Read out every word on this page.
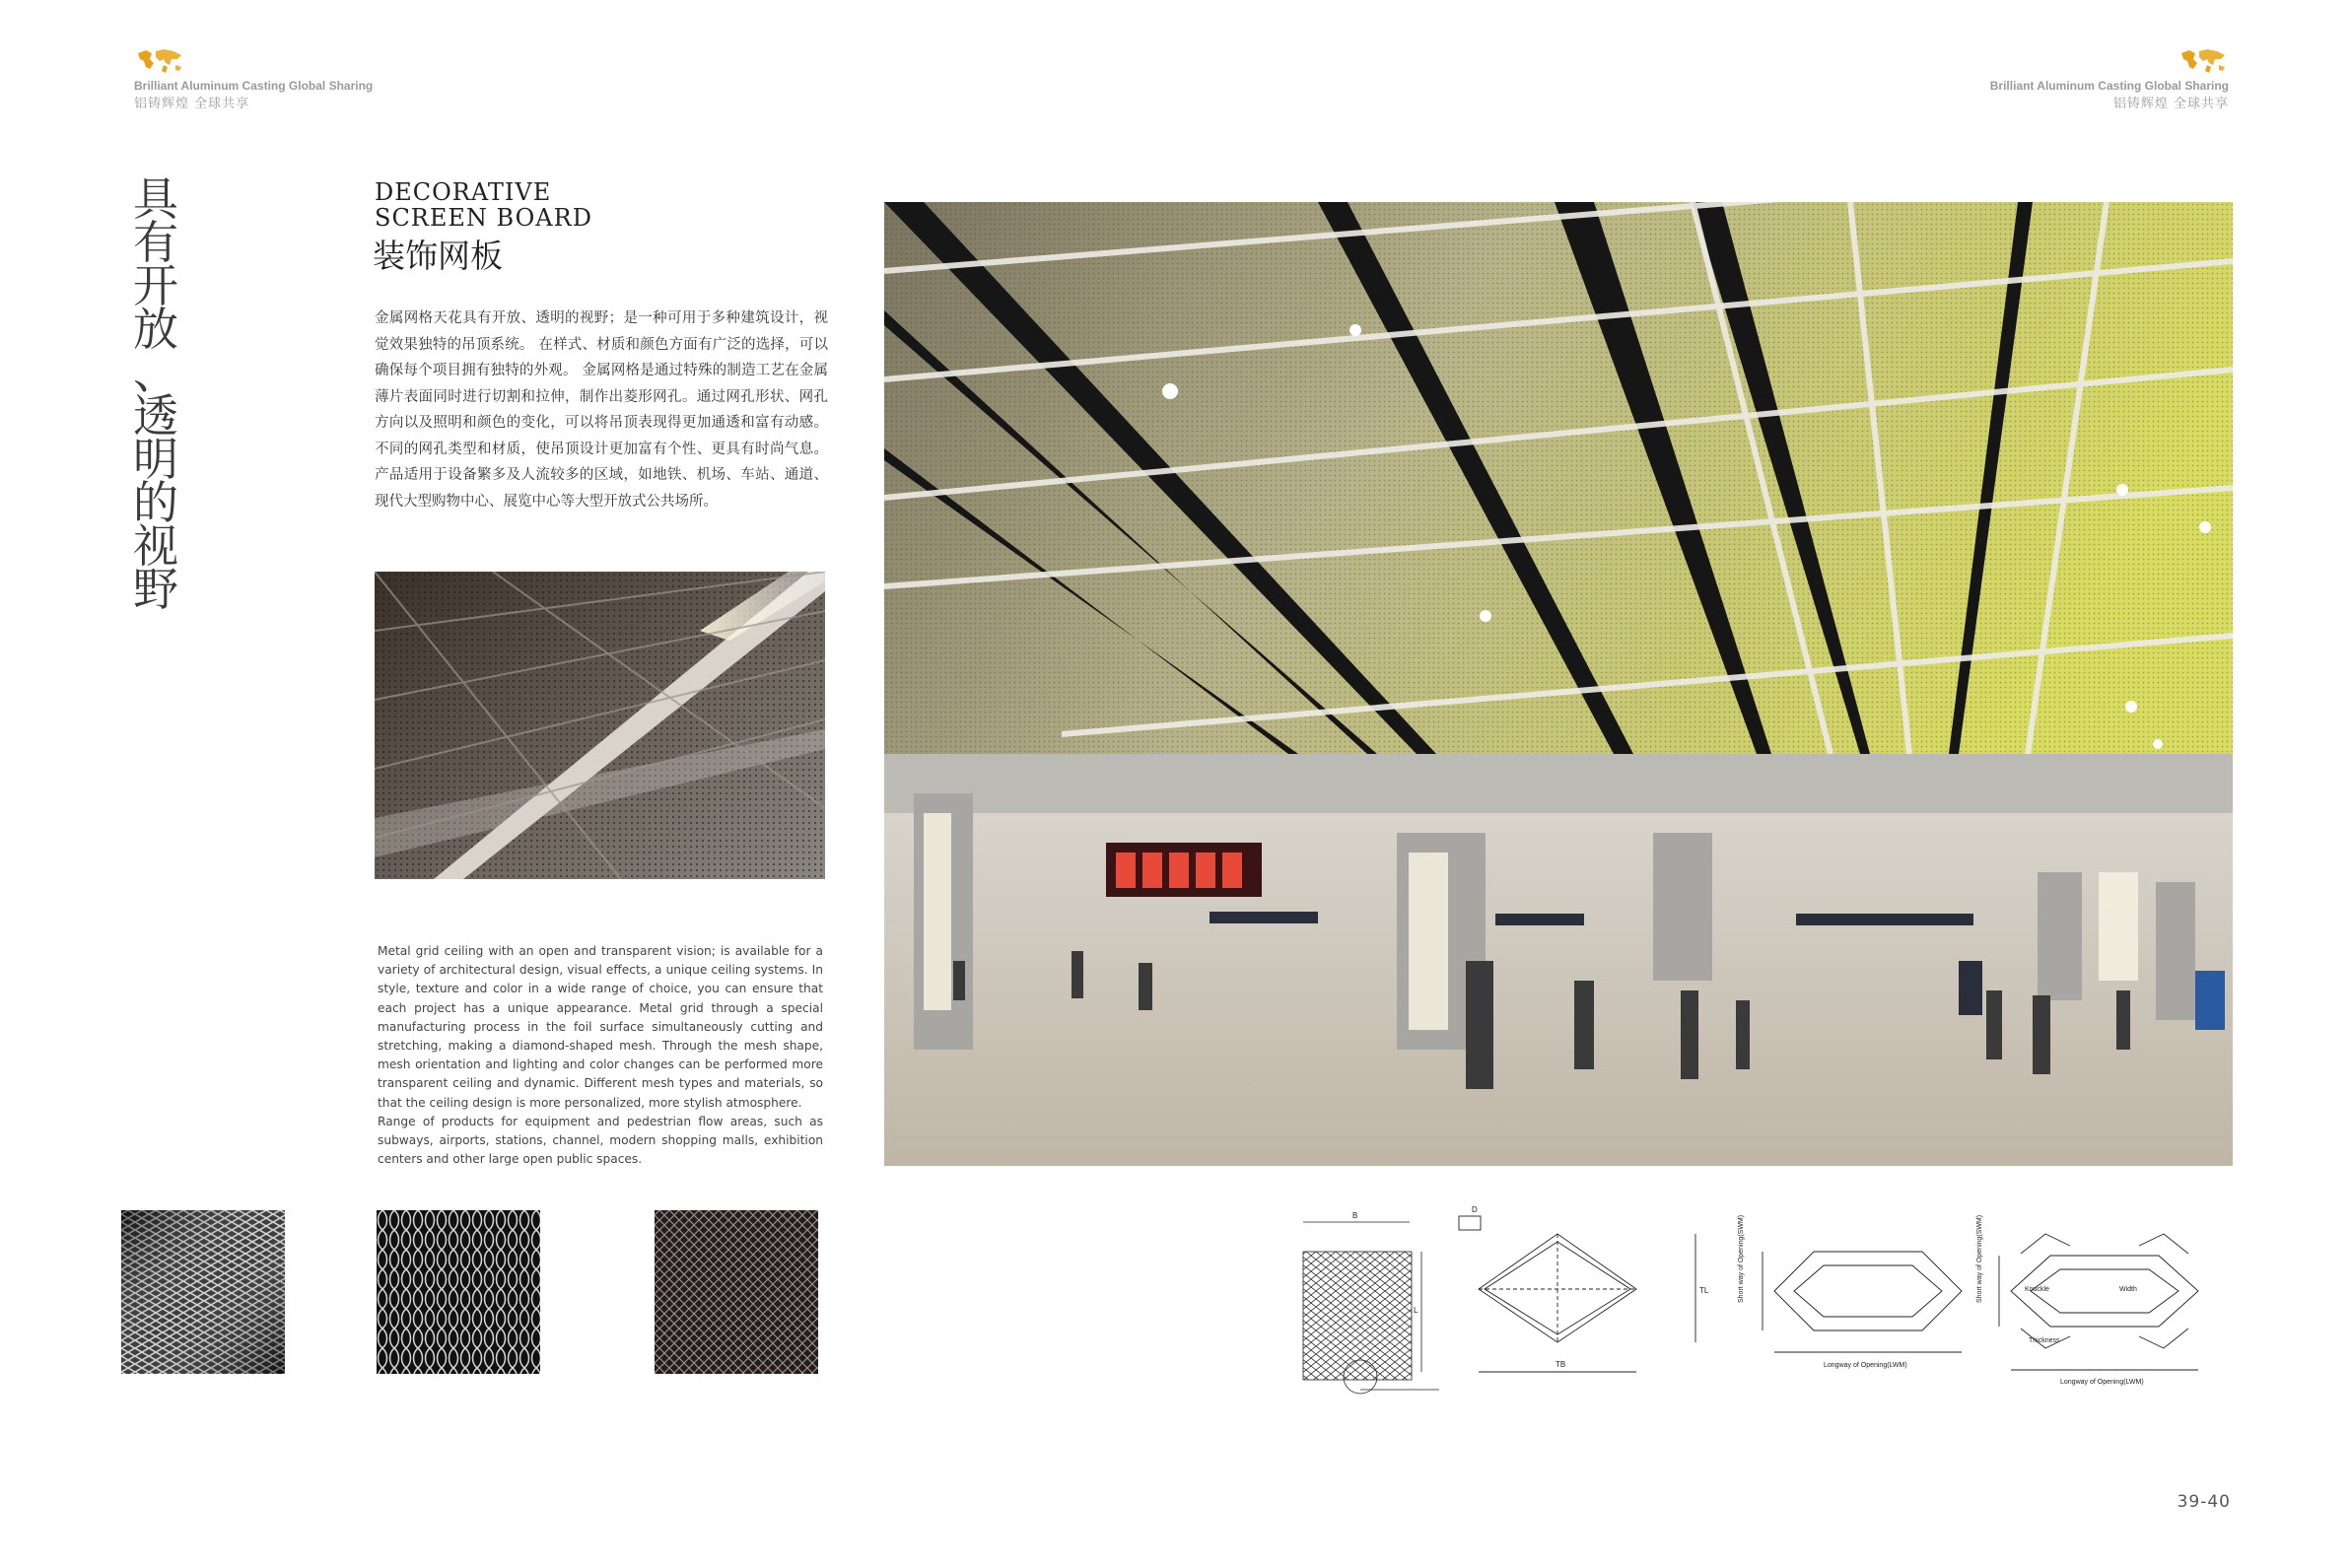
Brilliant Aluminum Casting Global Sharing
铝铸辉煌 全球共享
Brilliant Aluminum Casting Global Sharing
铝铸辉煌 全球共享
具
有
开
放
、
透
明
的
视
野
DECORATIVE
SCREEN BOARD
装饰网板
金属网格天花具有开放、透明的视野；是一种可用于多种建筑设计，视觉效果独特的吊顶系统。 在样式、材质和颜色方面有广泛的选择，可以确保每个项目拥有独特的外观。 金属网格是通过特殊的制造工艺在金属薄片表面同时进行切割和拉伸，制作出菱形网孔。通过网孔形状、网孔方向以及照明和颜色的变化，可以将吊顶表现得更加通透和富有动感。不同的网孔类型和材质，使吊顶设计更加富有个性、更具有时尚气息。产品适用于设备繁多及人流较多的区域，如地铁、机场、车站、通道、现代大型购物中心、展览中心等大型开放式公共场所。

Metal grid ceiling with an open and transparent vision; is available for a variety of architectural design, visual effects, a unique ceiling systems. In style, texture and color in a wide range of choice, you can ensure that each project has a unique appearance. Metal grid through a special manufacturing process in the foil surface simultaneously cutting and stretching, making a diamond-shaped mesh. Through the mesh shape, mesh orientation and lighting and color changes can be performed more transparent ceiling and dynamic. Different mesh types and materials, so that the ceiling design is more personalized, more stylish atmosphere.

Range of products for equipment and pedestrian flow areas, such as subways, airports, stations, channel, modern shopping malls, exhibition centers and other large open public spaces.

B
L
D
TL
TB
Short way of Opening(SWM)
Longway of Opening(LWM)
Short way of Opening(SWM)	Knuckle	Width
Thickness
Longway of Opening(LWM)
39-40
